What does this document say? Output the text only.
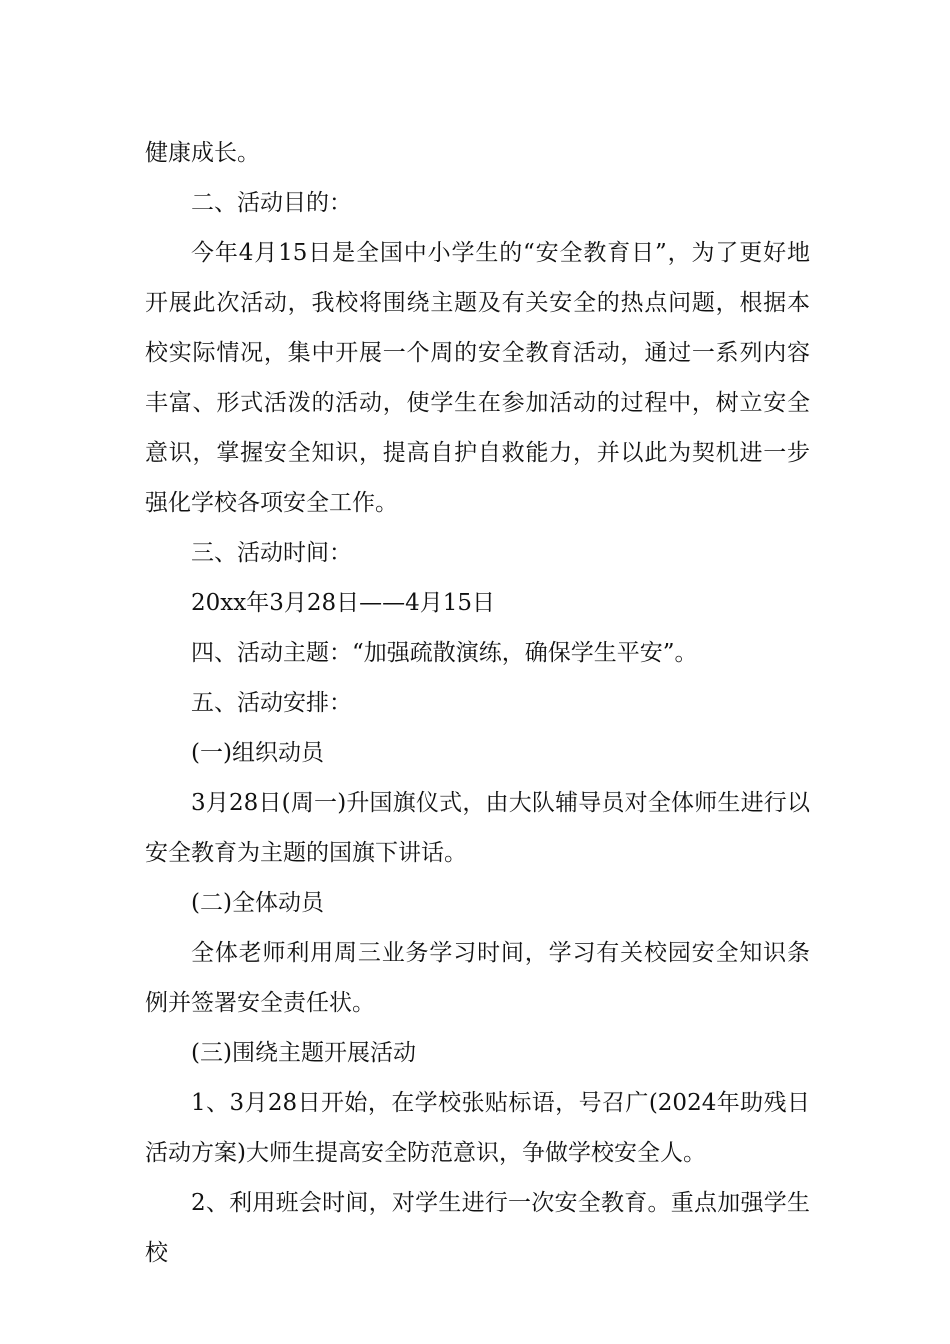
健康成长。

二、活动目的：

今年4月15日是全国中小学生的“安全教育日”，为了更好地开展此次活动，我校将围绕主题及有关安全的热点问题，根据本校实际情况，集中开展一个周的安全教育活动，通过一系列内容丰富、形式活泼的活动，使学生在参加活动的过程中，树立安全意识，掌握安全知识，提高自护自救能力，并以此为契机进一步强化学校各项安全工作。

三、活动时间：

20xx年3月28日——4月15日

四、活动主题：“加强疏散演练，确保学生平安”。

五、活动安排：

(一)组织动员

3月28日(周一)升国旗仪式，由大队辅导员对全体师生进行以安全教育为主题的国旗下讲话。

(二)全体动员

全体老师利用周三业务学习时间，学习有关校园安全知识条例并签署安全责任状。

(三)围绕主题开展活动

1、3月28日开始，在学校张贴标语，号召广(2024年助残日活动方案)大师生提高安全防范意识，争做学校安全人。

2、利用班会时间，对学生进行一次安全教育。重点加强学生校
